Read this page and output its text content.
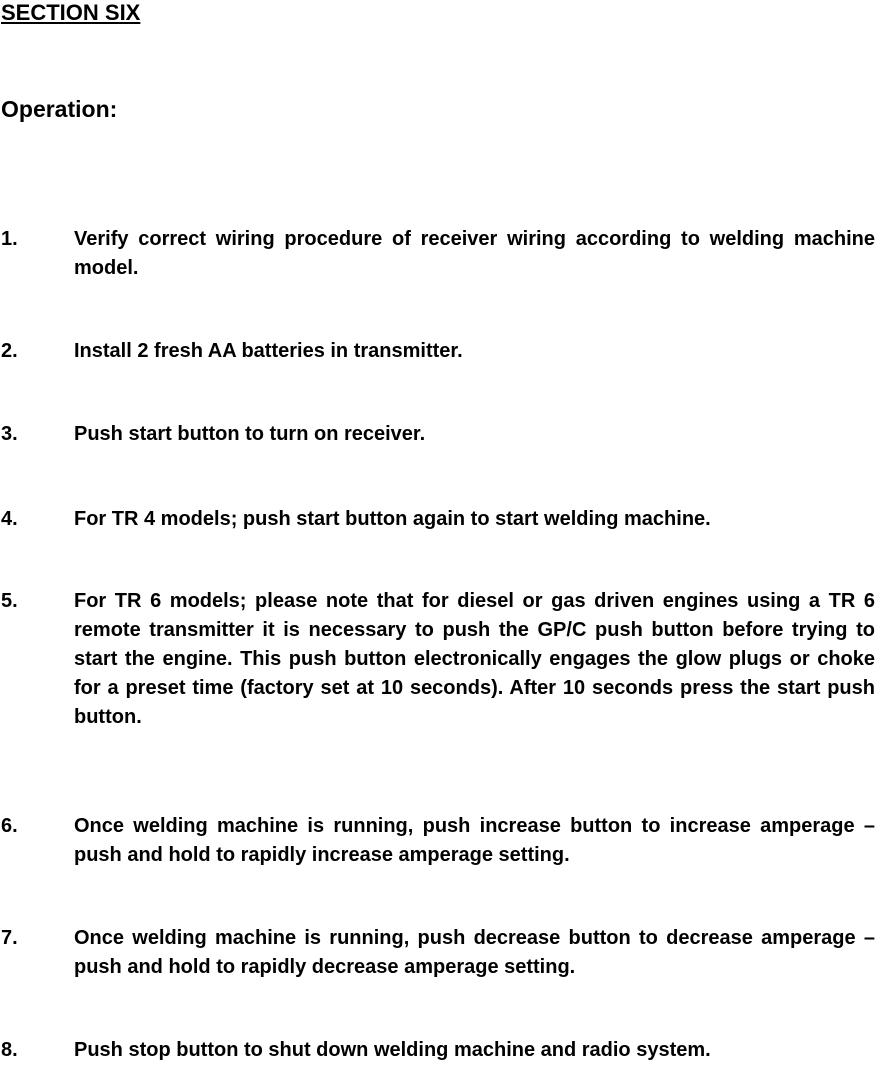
SECTION SIX
Operation:
1.	Verify correct wiring procedure of receiver wiring according to welding machine model.
2.	Install 2 fresh AA batteries in transmitter.
3.	Push start button to turn on receiver.
4.	For TR 4 models; push start button again to start welding machine.
5.	For TR 6 models; please note that for diesel or gas driven engines using a TR 6 remote transmitter it is necessary to push the GP/C push button before trying to start the engine. This push button electronically engages the glow plugs or choke for a preset time (factory set at 10 seconds). After 10 seconds press the start push button.
6.	Once welding machine is running, push increase button to increase amperage – push and hold to rapidly increase amperage setting.
7.	Once welding machine is running, push decrease button to decrease amperage – push and hold to rapidly decrease amperage setting.
8.	Push stop button to shut down welding machine and radio system.
